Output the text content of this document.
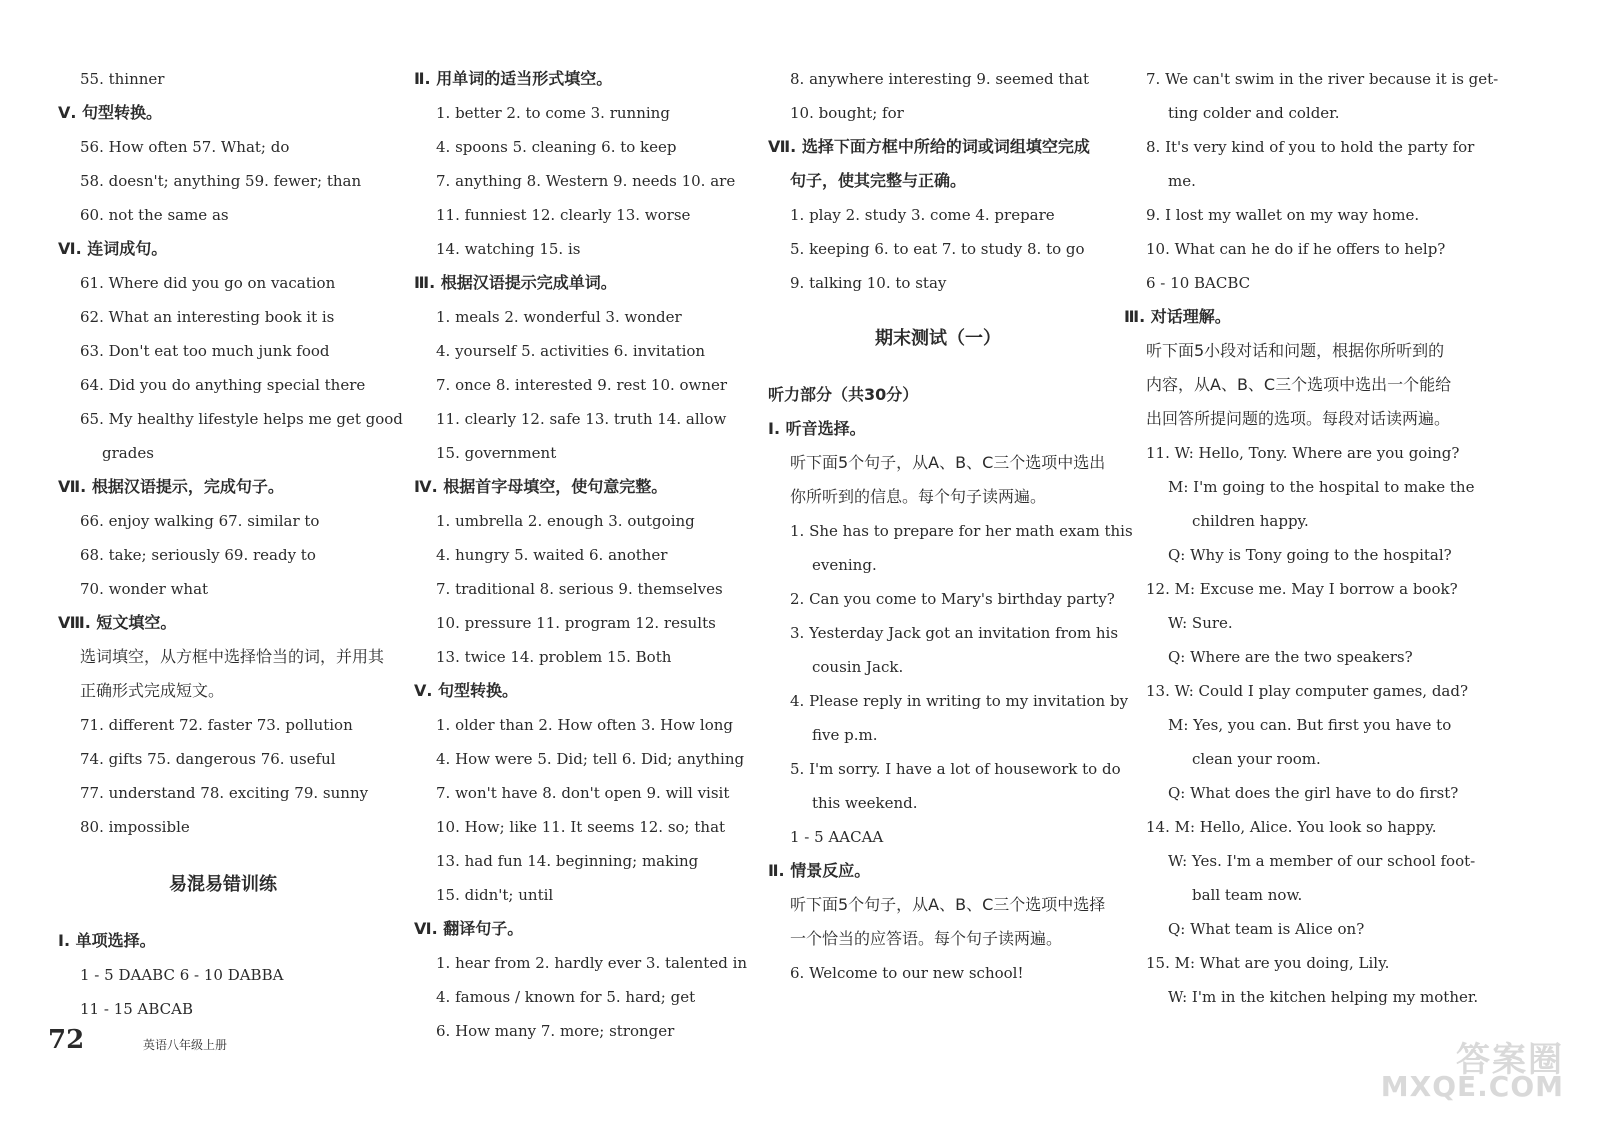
55. thinner
Ⅴ. 句型转换。
56. How often 57. What; do
58. doesn't; anything 59. fewer; than
60. not the same as
Ⅵ. 连词成句。
61. Where did you go on vacation
62. What an interesting book it is
63. Don't eat too much junk food
64. Did you do anything special there
65. My healthy lifestyle helps me get good
grades
Ⅶ. 根据汉语提示，完成句子。
66. enjoy walking 67. similar to
68. take; seriously 69. ready to
70. wonder what
Ⅷ. 短文填空。
选词填空，从方框中选择恰当的词，并用其
正确形式完成短文。
71. different 72. faster 73. pollution
74. gifts 75. dangerous 76. useful
77. understand 78. exciting 79. sunny
80. impossible
易混易错训练
Ⅰ. 单项选择。
1 - 5 DAABC 6 - 10 DABBA
11 - 15 ABCAB
Ⅱ. 用单词的适当形式填空。
1. better 2. to come 3. running
4. spoons 5. cleaning 6. to keep
7. anything 8. Western 9. needs 10. are
11. funniest 12. clearly 13. worse
14. watching 15. is
Ⅲ. 根据汉语提示完成单词。
1. meals 2. wonderful 3. wonder
4. yourself 5. activities 6. invitation
7. once 8. interested 9. rest 10. owner
11. clearly 12. safe 13. truth 14. allow
15. government
Ⅳ. 根据首字母填空，使句意完整。
1. umbrella 2. enough 3. outgoing
4. hungry 5. waited 6. another
7. traditional 8. serious 9. themselves
10. pressure 11. program 12. results
13. twice 14. problem 15. Both
Ⅴ. 句型转换。
1. older than 2. How often 3. How long
4. How were 5. Did; tell 6. Did; anything
7. won't have 8. don't open 9. will visit
10. How; like 11. It seems 12. so; that
13. had fun 14. beginning; making
15. didn't; until
Ⅵ. 翻译句子。
1. hear from 2. hardly ever 3. talented in
4. famous / known for 5. hard; get
6. How many 7. more; stronger
8. anywhere interesting 9. seemed that
10. bought; for
Ⅶ. 选择下面方框中所给的词或词组填空完成
句子，使其完整与正确。
1. play 2. study 3. come 4. prepare
5. keeping 6. to eat 7. to study 8. to go
9. talking 10. to stay
期末测试（一）
听力部分（共30分）
Ⅰ. 听音选择。
听下面5个句子，从A、B、C三个选项中选出
你所听到的信息。每个句子读两遍。
1. She has to prepare for her math exam this
evening.
2. Can you come to Mary's birthday party?
3. Yesterday Jack got an invitation from his
cousin Jack.
4. Please reply in writing to my invitation by
five p.m.
5. I'm sorry. I have a lot of housework to do
this weekend.
1 - 5 AACAA
Ⅱ. 情景反应。
听下面5个句子，从A、B、C三个选项中选择
一个恰当的应答语。每个句子读两遍。
6. Welcome to our new school!
7. We can't swim in the river because it is get-
ting colder and colder.
8. It's very kind of you to hold the party for
me.
9. I lost my wallet on my way home.
10. What can he do if he offers to help?
6 - 10 BACBC
Ⅲ. 对话理解。
听下面5小段对话和问题，根据你所听到的
内容，从A、B、C三个选项中选出一个能给
出回答所提问题的选项。每段对话读两遍。
11. W: Hello, Tony. Where are you going?
M: I'm going to the hospital to make the
children happy.
Q: Why is Tony going to the hospital?
12. M: Excuse me. May I borrow a book?
W: Sure.
Q: Where are the two speakers?
13. W: Could I play computer games, dad?
M: Yes, you can. But first you have to
clean your room.
Q: What does the girl have to do first?
14. M: Hello, Alice. You look so happy.
W: Yes. I'm a member of our school foot-
ball team now.
Q: What team is Alice on?
15. M: What are you doing, Lily.
W: I'm in the kitchen helping my mother.
72	英语八年级上册	答案圈
MXQE.COM
